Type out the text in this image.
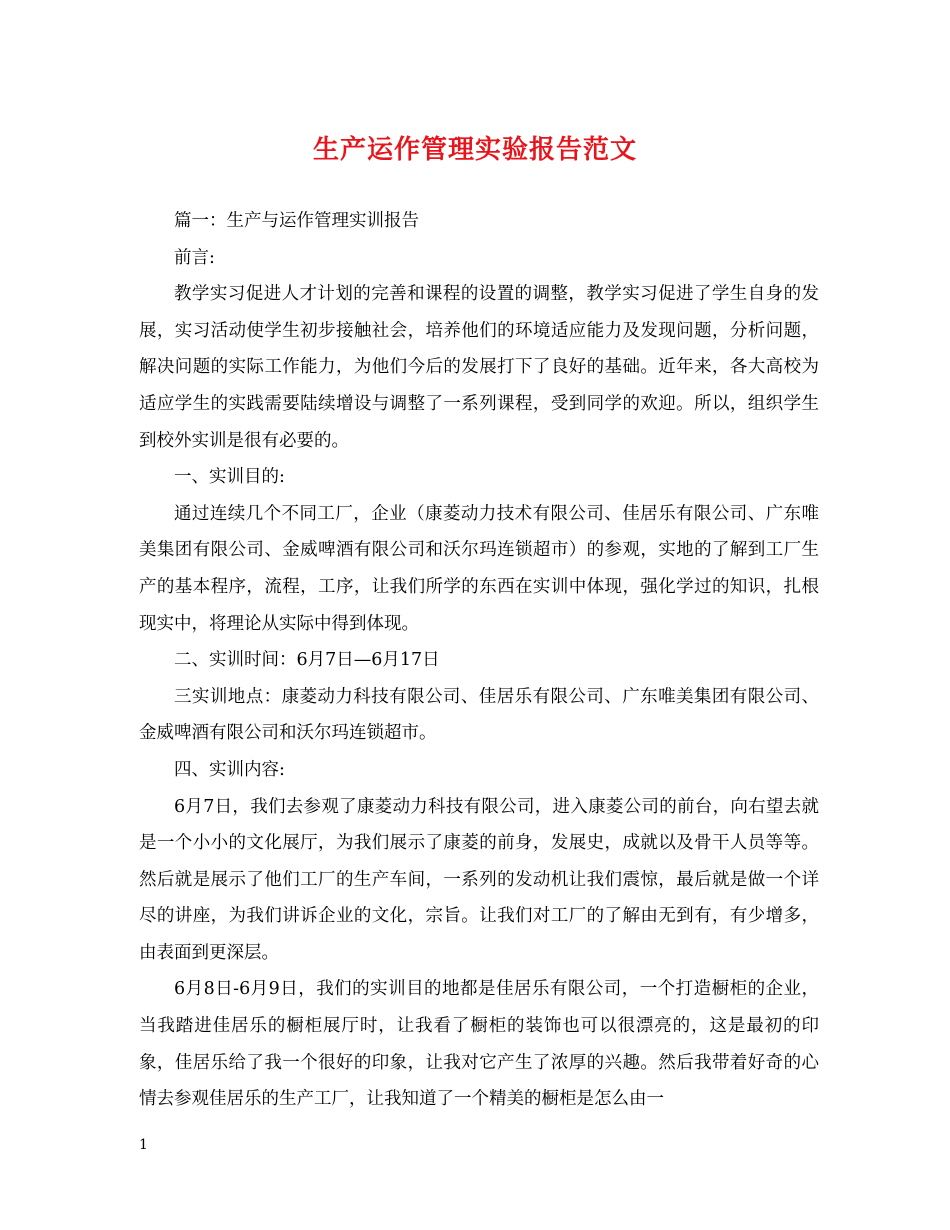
生产运作管理实验报告范文

篇一：生产与运作管理实训报告

前言:

教学实习促进人才计划的完善和课程的设置的调整，教学实习促进了学生自身的发展，实习活动使学生初步接触社会，培养他们的环境适应能力及发现问题，分析问题，解决问题的实际工作能力，为他们今后的发展打下了良好的基础。近年来，各大高校为适应学生的实践需要陆续增设与调整了一系列课程，受到同学的欢迎。所以，组织学生到校外实训是很有必要的。

一、实训目的:

通过连续几个不同工厂，企业（康菱动力技术有限公司、佳居乐有限公司、广东唯美集团有限公司、金威啤酒有限公司和沃尔玛连锁超市）的参观，实地的了解到工厂生产的基本程序，流程，工序，让我们所学的东西在实训中体现，强化学过的知识，扎根现实中，将理论从实际中得到体现。

二、实训时间：6月7日—6月17日

三实训地点：康菱动力科技有限公司、佳居乐有限公司、广东唯美集团有限公司、金威啤酒有限公司和沃尔玛连锁超市。

四、实训内容:

6月7日，我们去参观了康菱动力科技有限公司，进入康菱公司的前台，向右望去就是一个小小的文化展厅，为我们展示了康菱的前身，发展史，成就以及骨干人员等等。然后就是展示了他们工厂的生产车间，一系列的发动机让我们震惊，最后就是做一个详尽的讲座，为我们讲诉企业的文化，宗旨。让我们对工厂的了解由无到有，有少增多，由表面到更深层。

6月8日-6月9日，我们的实训目的地都是佳居乐有限公司，一个打造橱柜的企业，当我踏进佳居乐的橱柜展厅时，让我看了橱柜的装饰也可以很漂亮的，这是最初的印象，佳居乐给了我一个很好的印象，让我对它产生了浓厚的兴趣。然后我带着好奇的心情去参观佳居乐的生产工厂，让我知道了一个精美的橱柜是怎么由一

1
